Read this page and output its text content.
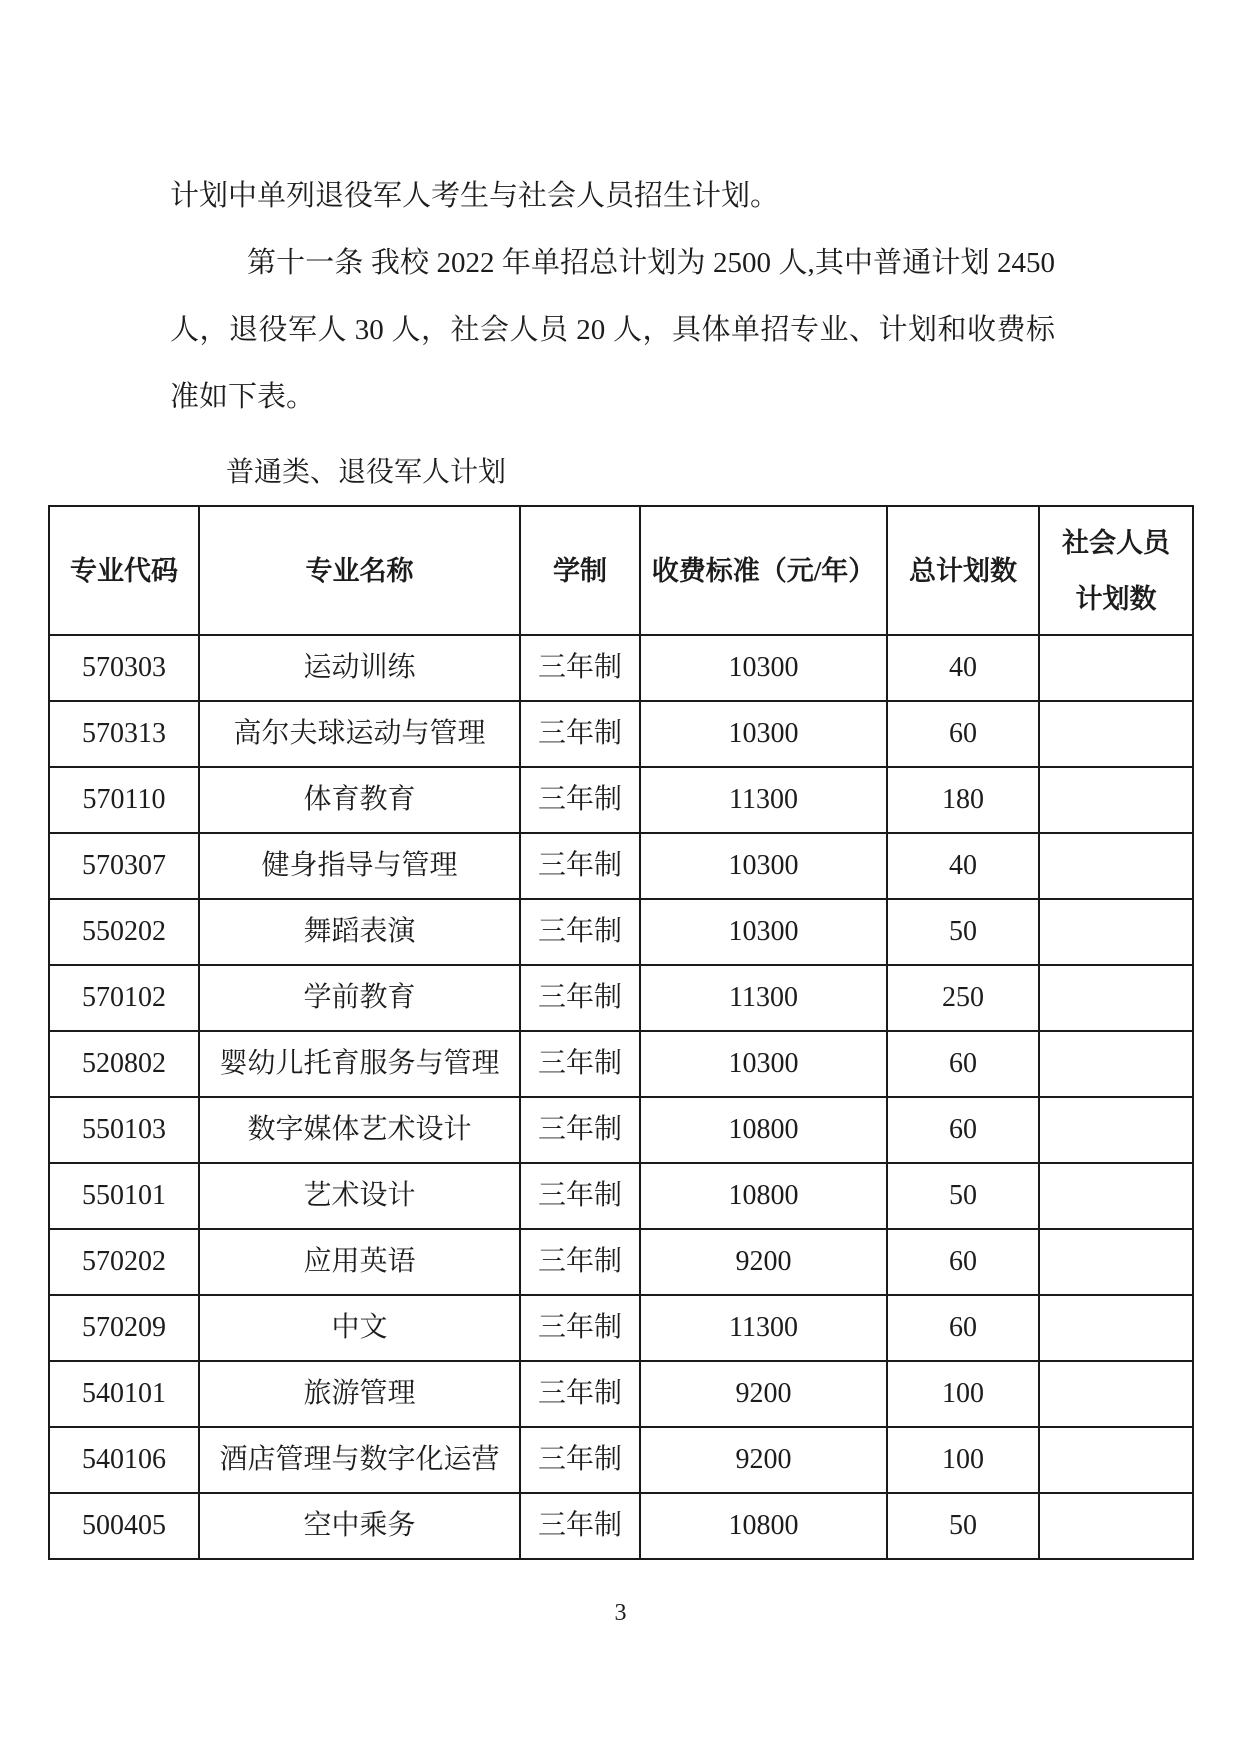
计划中单列退役军人考生与社会人员招生计划。
第十一条 我校 2022 年单招总计划为 2500 人,其中普通计划 2450
人，退役军人 30 人，社会人员 20 人，具体单招专业、计划和收费标
准如下表。
普通类、退役军人计划
专业代码	专业名称	学制	收费标准（元/年）	总计划数	社会人员
计划数

570303	运动训练	三年制	10300	40	
570313	高尔夫球运动与管理	三年制	10300	60	
570110	体育教育	三年制	11300	180	
570307	健身指导与管理	三年制	10300	40	
550202	舞蹈表演	三年制	10300	50	
570102	学前教育	三年制	11300	250	
520802	婴幼儿托育服务与管理	三年制	10300	60	
550103	数字媒体艺术设计	三年制	10800	60	
550101	艺术设计	三年制	10800	50	
570202	应用英语	三年制	9200	60	
570209	中文	三年制	11300	60	
540101	旅游管理	三年制	9200	100	
540106	酒店管理与数字化运营	三年制	9200	100	
500405	空中乘务	三年制	10800	50	
3
